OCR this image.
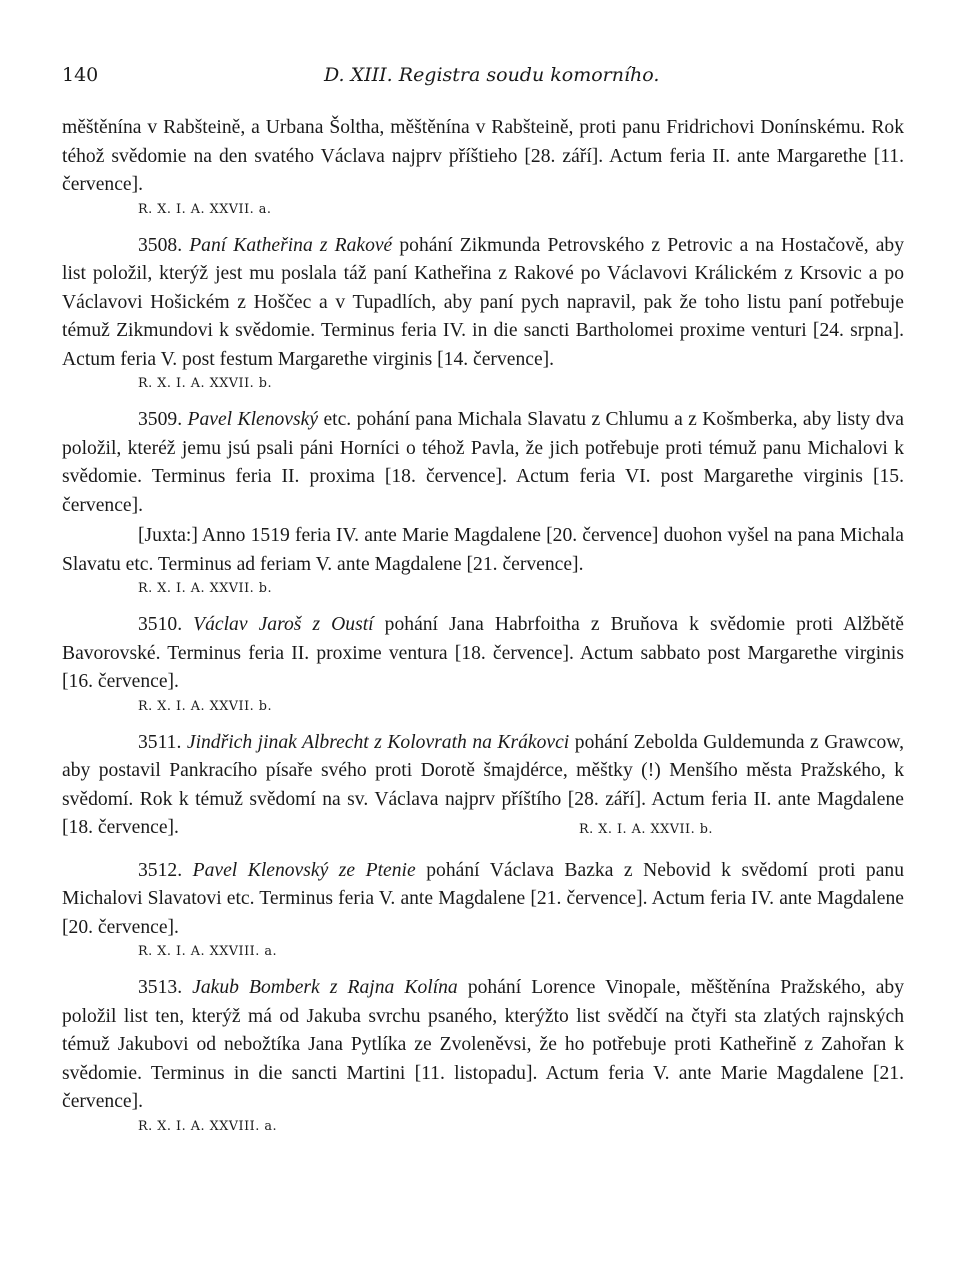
140	D. XIII. Registra soudu komorního.

měštěnína v Rabšteině, a Urbana Šoltha, měštěnína v Rabšteině, proti panu Fridrichovi Donínskému. Rok téhož svědomie na den svatého Václava najprv příštieho [28. září]. Actum feria II. ante Margarethe [11. července].

R. X. I. A. XXVII. a.

3508. Paní Katheřina z Rakové pohání Zikmunda Petrovského z Petrovic a na Hostačově, aby list položil, kterýž jest mu poslala táž paní Katheřina z Rakové po Václavovi Králickém z Krsovic a po Václavovi Hošickém z Hoščec a v Tupadlích, aby paní pych napravil, pak že toho listu paní potřebuje témuž Zikmundovi k svědomie. Terminus feria IV. in die sancti Bartholomei proxime venturi [24. srpna]. Actum feria V. post festum Margarethe virginis [14. července].

R. X. I. A. XXVII. b.

3509. Pavel Klenovský etc. pohání pana Michala Slavatu z Chlumu a z Košmberka, aby listy dva položil, kteréž jemu jsú psali páni Horníci o téhož Pavla, že jich potřebuje proti témuž panu Michalovi k svědomie. Terminus feria II. proxima [18. července]. Actum feria VI. post Margarethe virginis [15. července].

[Juxta:] Anno 1519 feria IV. ante Marie Magdalene [20. července] duohon vyšel na pana Michala Slavatu etc. Terminus ad feriam V. ante Magdalene [21. července].

R. X. I. A. XXVII. b.

3510. Václav Jaroš z Oustí pohání Jana Habrfoitha z Bruňova k svědomie proti Alžbětě Bavorovské. Terminus feria II. proxime ventura [18. července]. Actum sabbato post Margarethe virginis [16. července].

R. X. I. A. XXVII. b.

3511. Jindřich jinak Albrecht z Kolovrath na Krákovci pohání Zebolda Guldemunda z Grawcow, aby postavil Pankracího písaře svého proti Dorotě šmajdérce, měštky (!) Menšího města Pražského, k svědomí. Rok k témuž svědomí na sv. Václava najprv příštího [28. září]. Actum feria II. ante Magdalene [18. července].	R. X. I. A. XXVII. b.

3512. Pavel Klenovský ze Ptenie pohání Václava Bazka z Nebovid k svědomí proti panu Michalovi Slavatovi etc. Terminus feria V. ante Magdalene [21. července]. Actum feria IV. ante Magdalene [20. července].

R. X. I. A. XXVIII. a.

3513. Jakub Bomberk z Rajna Kolína pohání Lorence Vinopale, měštěnína Pražského, aby položil list ten, kterýž má od Jakuba svrchu psaného, kterýžto list svědčí na čtyři sta zlatých rajnských témuž Jakubovi od nebožtíka Jana Pytlíka ze Zvoleněvsi, že ho potřebuje proti Katheřině z Zahořan k svědomie. Terminus in die sancti Martini [11. listopadu]. Actum feria V. ante Marie Magdalene [21. července].

R. X. I. A. XXVIII. a.
